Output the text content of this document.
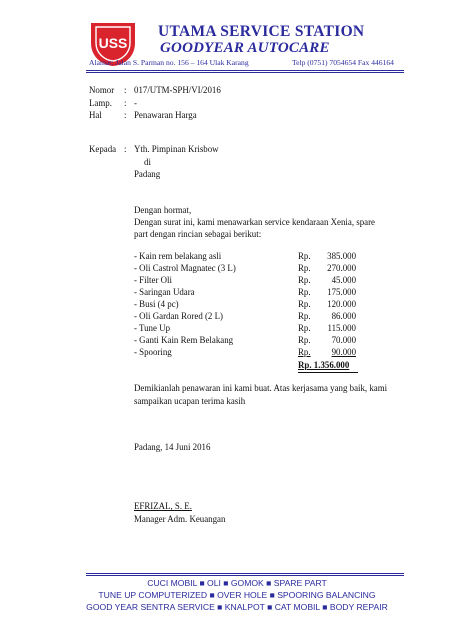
USS
UTAMA SERVICE STATION
GOODYEAR AUTOCARE
Alamat: Jalan S. Parman no. 156 – 164 Ulak Karang	Telp (0751) 7054654 Fax 446164
Nomor : 017/UTM-SPH/VI/2016
Lamp. : -
Hal : Penawaran Harga
Kepada : Yth. Pimpinan Krisbow
di
Padang
Dengan hormat,
Dengan surat ini, kami menawarkan service kendaraan Xenia, spare
part dengan rincian sebagai berikut:
- Kain rem belakang asli	Rp.	385.000
- Oli Castrol Magnatec (3 L)	Rp.	270.000
- Filter Oli	Rp.	45.000
- Saringan Udara	Rp.	175.000
- Busi (4 pc)	Rp.	120.000
- Oli Gardan Rored (2 L)	Rp.	86.000
- Tune Up	Rp.	115.000
- Ganti Kain Rem Belakang	Rp.	70.000
- Spooring	Rp.	90.000
Rp. 1.356.000
Demikianlah penawaran ini kami buat. Atas kerjasama yang baik, kami
sampaikan ucapan terima kasih
Padang, 14 Juni 2016
EFRIZAL, S. E.
Manager Adm. Keuangan
CUCI MOBIL ■ OLI ■ GOMOK ■ SPARE PART
TUNE UP COMPUTERIZED ■ OVER HOLE ■ SPOORING BALANCING
GOOD YEAR SENTRA SERVICE ■ KNALPOT ■ CAT MOBIL ■ BODY REPAIR
